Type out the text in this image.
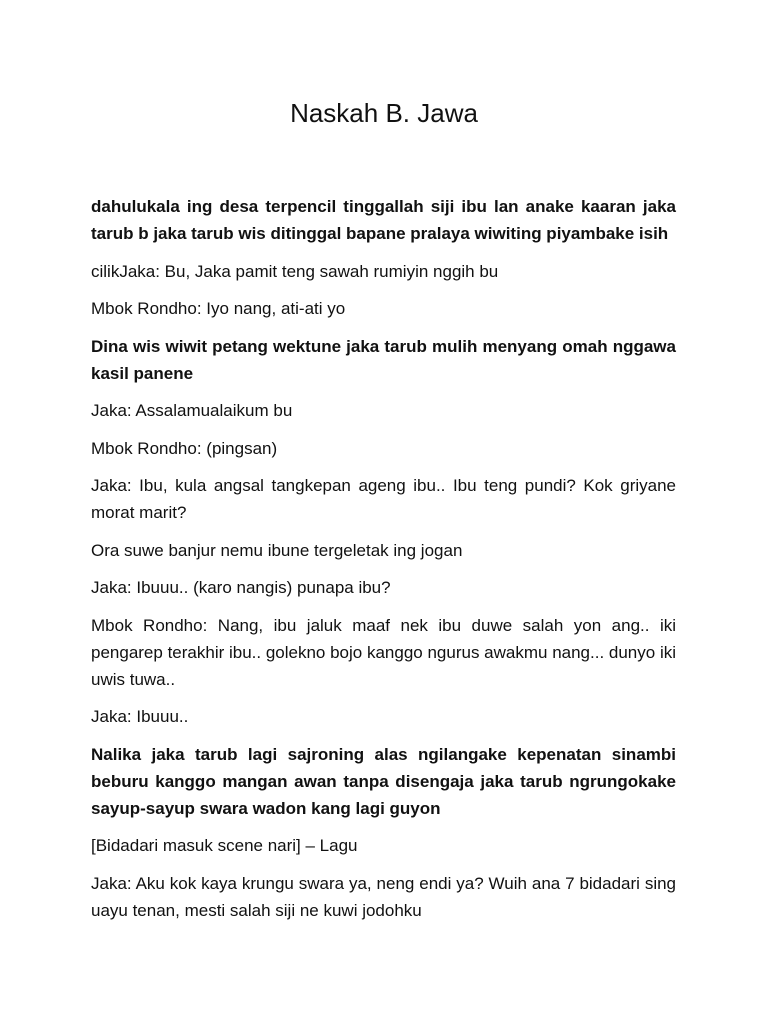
Naskah B. Jawa

dahulukala ing desa terpencil tinggallah siji ibu lan anake kaaran jaka tarub b jaka tarub wis ditinggal bapane pralaya wiwiting piyambake isih

cilikJaka: Bu, Jaka pamit teng sawah rumiyin nggih bu

Mbok Rondho: Iyo nang, ati-ati yo

Dina wis wiwit petang wektune jaka tarub mulih menyang omah nggawa kasil panene

Jaka: Assalamualaikum bu

Mbok Rondho: (pingsan)

Jaka: Ibu, kula angsal tangkepan ageng ibu.. Ibu teng pundi? Kok griyane morat marit?

Ora suwe banjur nemu ibune tergeletak ing jogan

Jaka: Ibuuu.. (karo nangis) punapa ibu?

Mbok Rondho: Nang, ibu jaluk maaf nek ibu duwe salah yon ang.. iki pengarep terakhir ibu.. golekno bojo kanggo ngurus awakmu nang... dunyo iki uwis tuwa..

Jaka: Ibuuu..

Nalika jaka tarub lagi sajroning alas ngilangake kepenatan sinambi beburu kanggo mangan awan tanpa disengaja jaka tarub ngrungokake sayup-sayup swara wadon kang lagi guyon

[Bidadari masuk scene nari] – Lagu

Jaka: Aku kok kaya krungu swara ya, neng endi ya? Wuih ana 7 bidadari sing uayu tenan, mesti salah siji ne kuwi jodohku
